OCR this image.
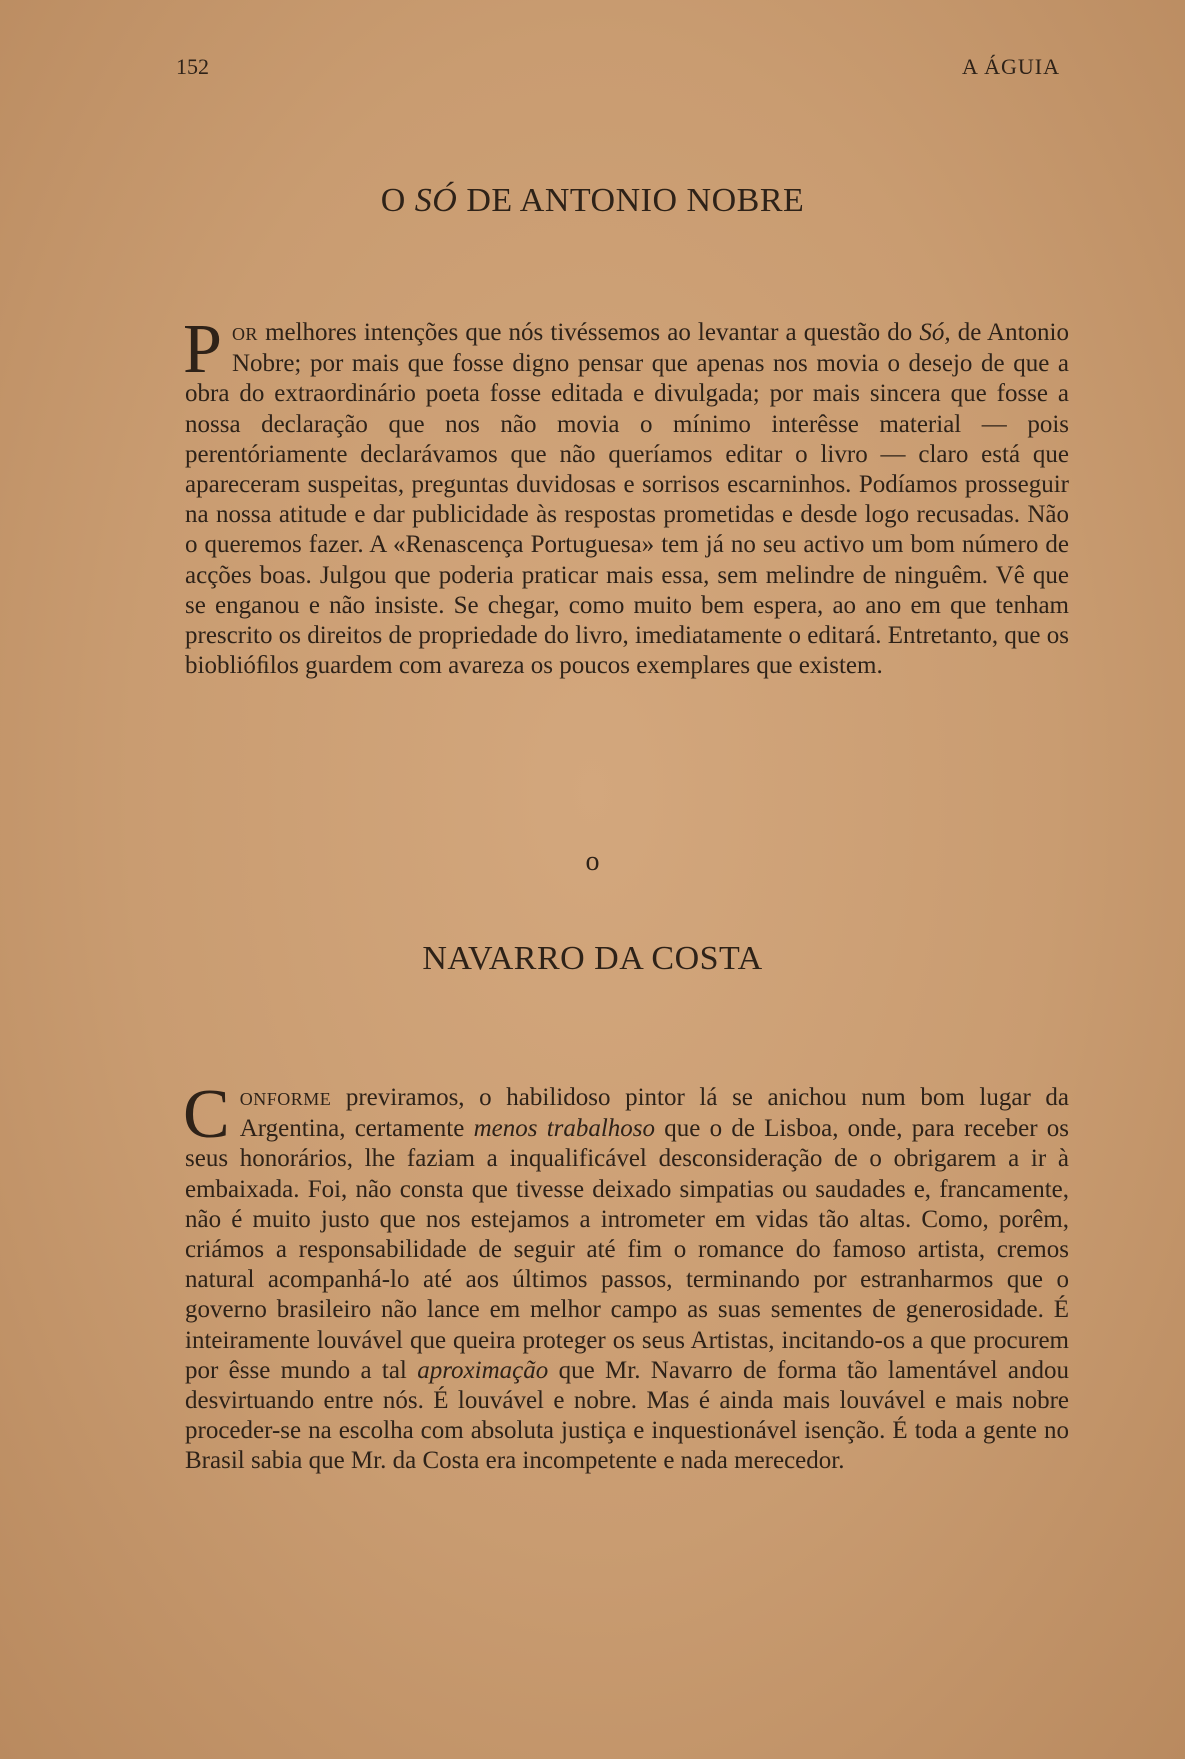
152	A ÁGUIA
O SÓ DE ANTONIO NOBRE

POR melhores intenções que nós tivéssemos ao levantar a questão do Só, de Antonio Nobre; por mais que fosse digno pensar que apenas nos movia o desejo de que a obra do extraordinário poeta fosse editada e divulgada; por mais sincera que fosse a nossa declaração que nos não movia o mínimo interêsse material — pois perentóriamente declarávamos que não queríamos editar o livro — claro está que apareceram suspeitas, preguntas duvidosas e sorrisos escarninhos. Podíamos prosseguir na nossa atitude e dar publicidade às respostas prometidas e desde logo recusadas. Não o queremos fazer. A «Renascença Portuguesa» tem já no seu activo um bom número de acções boas. Julgou que poderia praticar mais essa, sem melindre de ninguêm. Vê que se enganou e não insiste. Se chegar, como muito bem espera, ao ano em que tenham prescrito os direitos de propriedade do livro, imediatamente o editará. Entretanto, que os bioblióﬁlos guardem com avareza os poucos exemplares que existem.

o
NAVARRO DA COSTA

CONFORME previramos, o habilidoso pintor lá se anichou num bom lugar da Argentina, certamente menos trabalhoso que o de Lisboa, onde, para receber os seus honorários, lhe faziam a inqualificável desconsideração de o obrigarem a ir à embaixada. Foi, não consta que tivesse deixado simpatias ou saudades e, francamente, não é muito justo que nos estejamos a intrometer em vidas tão altas. Como, porêm, criámos a responsabilidade de seguir até fim o romance do famoso artista, cremos natural acompanhá-lo até aos últimos passos, terminando por estranharmos que o governo brasileiro não lance em melhor campo as suas sementes de generosidade. É inteiramente louvável que queira proteger os seus Artistas, incitando-os a que procurem por êsse mundo a tal aproximação que Mr. Navarro de forma tão lamentável andou desvirtuando entre nós. É louvável e nobre. Mas é ainda mais louvável e mais nobre proceder-se na escolha com absoluta justiça e inquestionável isenção. É toda a gente no Brasil sabia que Mr. da Costa era incompetente e nada merecedor.
